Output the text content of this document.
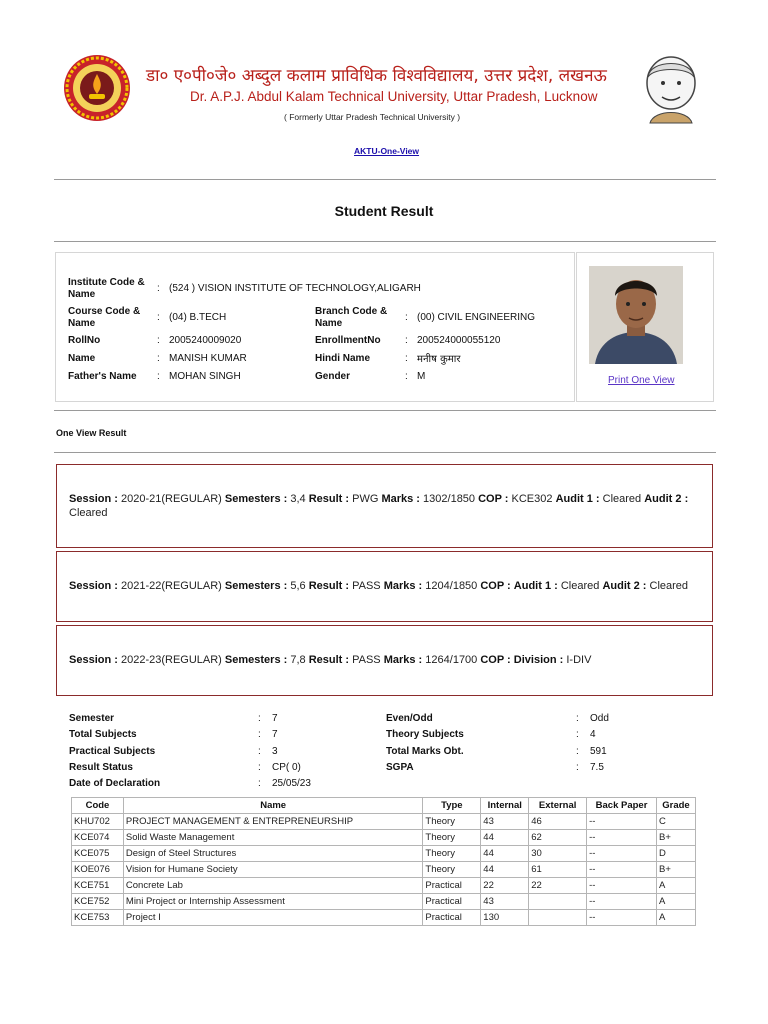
डा० ए०पी०जे० अब्दुल कलाम प्राविधिक विश्वविद्यालय, उत्तर प्रदेश, लखनऊ
Dr. A.P.J. Abdul Kalam Technical University, Uttar Pradesh, Lucknow
( Formerly Uttar Pradesh Technical University )
AKTU-One-View
Student Result
Institute Code & Name
: (524 ) VISION INSTITUTE OF TECHNOLOGY,ALIGARH
Course Code & Name
: (04) B.TECH
Branch Code & Name
: (00) CIVIL ENGINEERING
RollNo	: 2005240009020	EnrollmentNo : 200524000055120
Name	: MANISH KUMAR	Hindi Name	: मनीष कुमार
Father's Name : MOHAN SINGH	Gender	: M	Print One View
One View Result
Session : 2020-21(REGULAR) Semesters : 3,4 Result : PWG Marks : 1302/1850 COP : KCE302 Audit 1 : Cleared Audit 2 : Cleared
Session : 2021-22(REGULAR) Semesters : 5,6 Result : PASS Marks : 1204/1850 COP : Audit 1 : Cleared Audit 2 : Cleared
Session : 2022-23(REGULAR) Semesters : 7,8 Result : PASS Marks : 1264/1700 COP : Division : I-DIV
Semester	: 7	Even/Odd	: Odd
Total Subjects	: 7	Theory Subjects	: 4
Practical Subjects	: 3	Total Marks Obt.	: 591
Result Status	: CP( 0)	SGPA	: 7.5
Date of Declaration	: 25/05/23
Code	Name	Type	Internal	External	Back Paper	Grade
KHU702	PROJECT MANAGEMENT & ENTREPRENEURSHIP	Theory	43	46	--	C
KCE074	Solid Waste Management	Theory	44	62	--	B+
KCE075	Design of Steel Structures	Theory	44	30	--	D
KOE076	Vision for Humane Society	Theory	44	61	--	B+
KCE751	Concrete Lab	Practical	22	22	--	A
KCE752	Mini Project or Internship Assessment	Practical	43		--	A
KCE753	Project I	Practical	130		--	A
